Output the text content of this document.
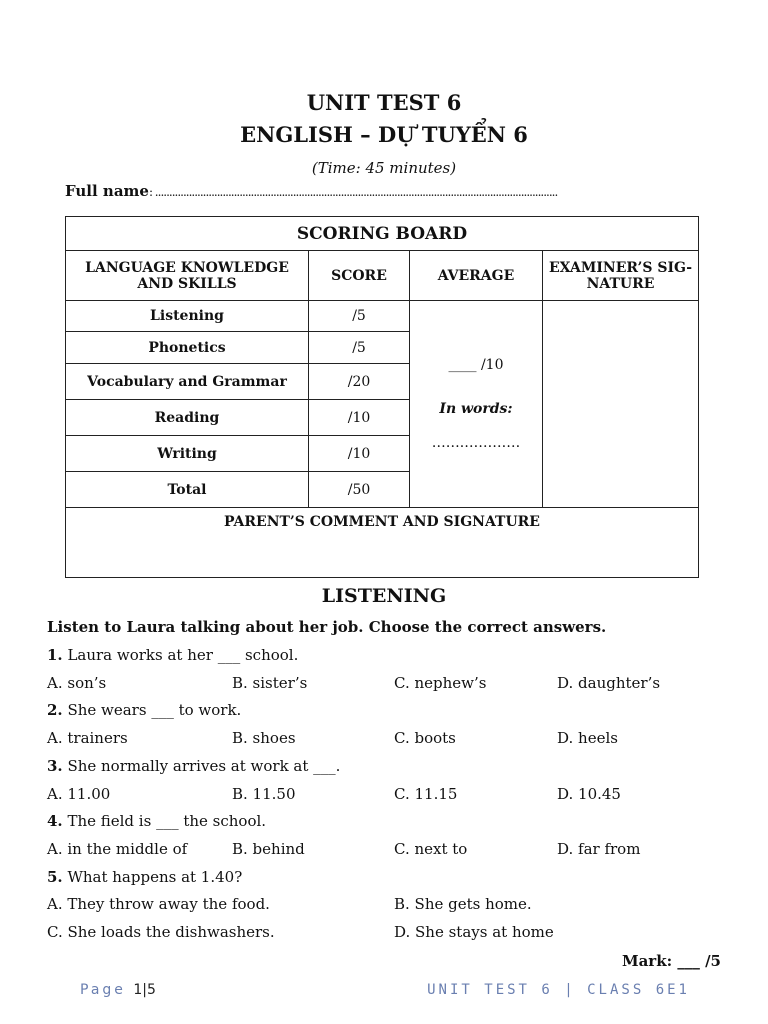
UNIT TEST 6
ENGLISH – DỰ TUYỂN 6
(Time: 45 minutes)
Full name: ...............................................................................................................................................
SCORING BOARD			
LANGUAGE KNOWLEDGE AND SKILLS	SCORE	AVERAGE	EXAMINER’S SIG-NATURE
Listening	/5	____ /10
In words:
…….…………	
Phonetics	/5		
Vocabulary and Grammar	/20		
Reading	/10		
Writing	/10		
Total	/50		
PARENT’S COMMENT AND SIGNATURE			
LISTENING
Listen to Laura talking about her job. Choose the correct answers.
1. Laura works at her ___ school.
A. son’s	B. sister’s	C. nephew’s	D. daughter’s
2. She wears ___ to work.
A. trainers	B. shoes	C. boots	D. heels
3. She normally arrives at work at ___.
A. 11.00	B. 11.50	C. 11.15	D. 10.45
4. The field is ___ the school.
A. in the middle of	B. behind	C. next to	D. far from
5. What happens at 1.40?
A. They throw away the food.	B. She gets home.
C. She loads the dishwashers.	D. She stays at home
Mark: ___ /5
Page 1|5	UNIT TEST 6 | CLASS 6E1
